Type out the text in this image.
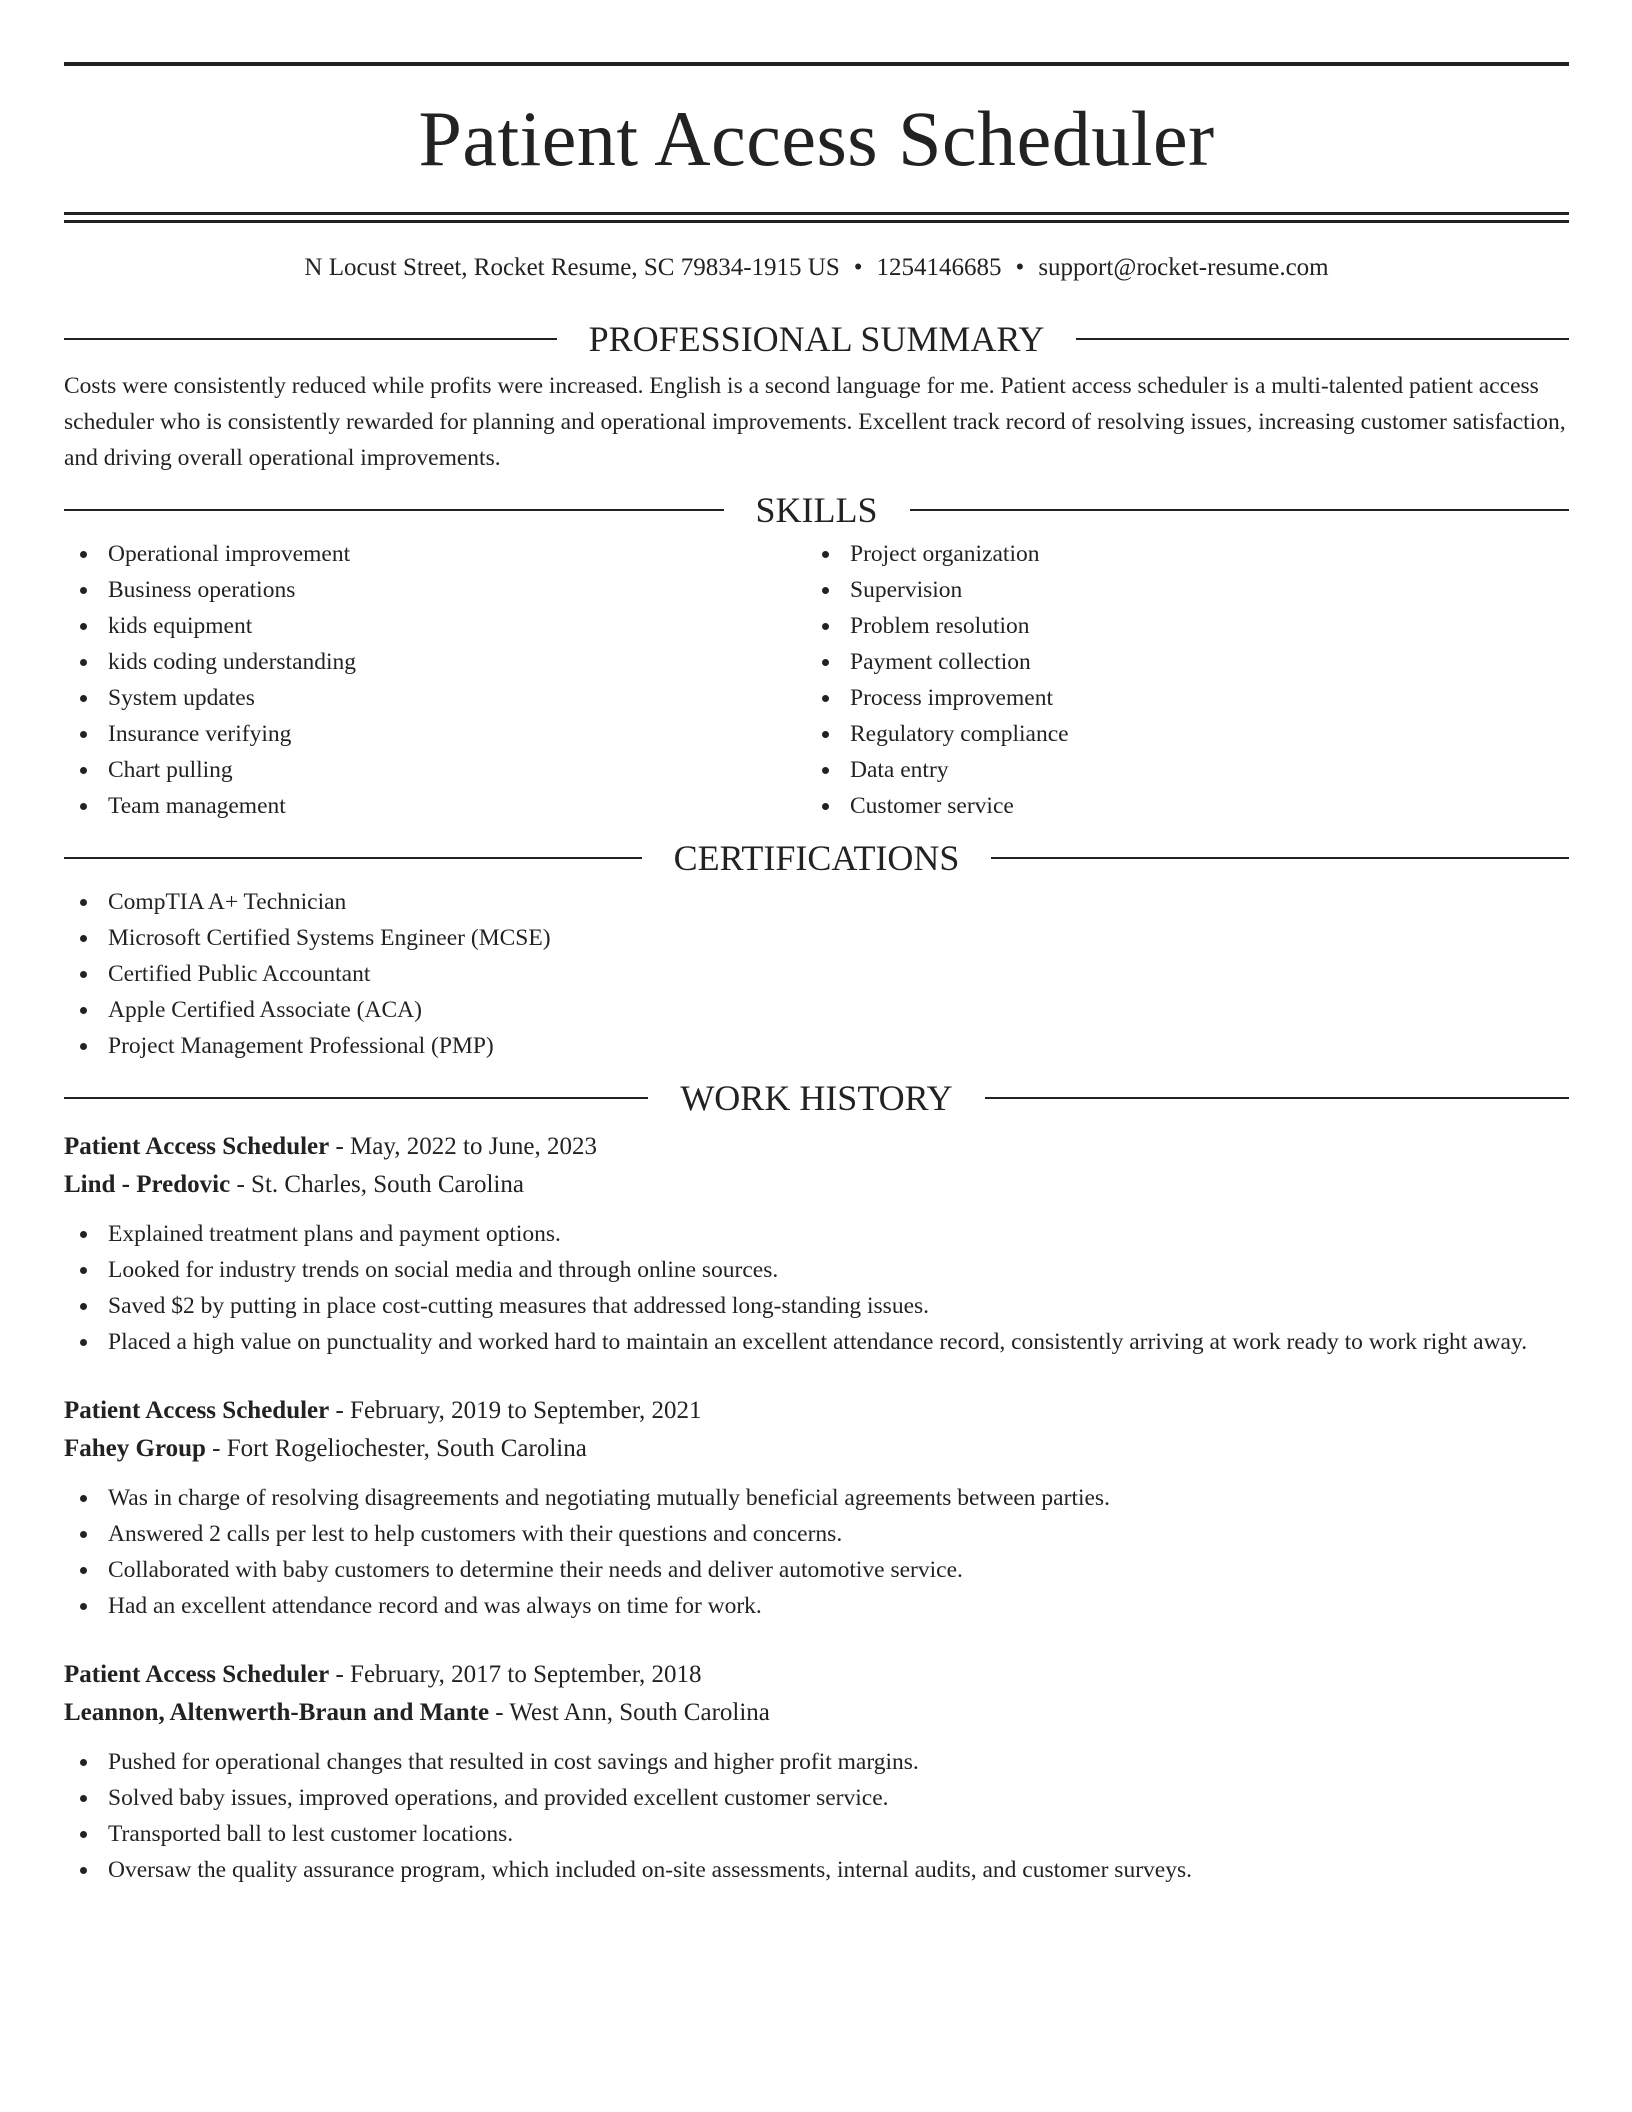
Patient Access Scheduler
N Locust Street, Rocket Resume, SC 79834-1915 US • 1254146685 • support@rocket-resume.com
PROFESSIONAL SUMMARY

Costs were consistently reduced while profits were increased. English is a second language for me. Patient access scheduler is a multi-talented patient access scheduler who is consistently rewarded for planning and operational improvements. Excellent track record of resolving issues, increasing customer satisfaction, and driving overall operational improvements.

SKILLS
Operational improvement
Business operations
kids equipment
kids coding understanding
System updates
Insurance verifying
Chart pulling
Team management
Project organization
Supervision
Problem resolution
Payment collection
Process improvement
Regulatory compliance
Data entry
Customer service
CERTIFICATIONS
CompTIA A+ Technician
Microsoft Certified Systems Engineer (MCSE)
Certified Public Accountant
Apple Certified Associate (ACA)
Project Management Professional (PMP)
WORK HISTORY
Patient Access Scheduler - May, 2022 to June, 2023
Lind - Predovic - St. Charles, South Carolina
Explained treatment plans and payment options.
Looked for industry trends on social media and through online sources.
Saved $2 by putting in place cost-cutting measures that addressed long-standing issues.
Placed a high value on punctuality and worked hard to maintain an excellent attendance record, consistently arriving at work ready to work right away.
Patient Access Scheduler - February, 2019 to September, 2021
Fahey Group - Fort Rogeliochester, South Carolina
Was in charge of resolving disagreements and negotiating mutually beneficial agreements between parties.
Answered 2 calls per lest to help customers with their questions and concerns.
Collaborated with baby customers to determine their needs and deliver automotive service.
Had an excellent attendance record and was always on time for work.
Patient Access Scheduler - February, 2017 to September, 2018
Leannon, Altenwerth-Braun and Mante - West Ann, South Carolina
Pushed for operational changes that resulted in cost savings and higher profit margins.
Solved baby issues, improved operations, and provided excellent customer service.
Transported ball to lest customer locations.
Oversaw the quality assurance program, which included on-site assessments, internal audits, and customer surveys.
